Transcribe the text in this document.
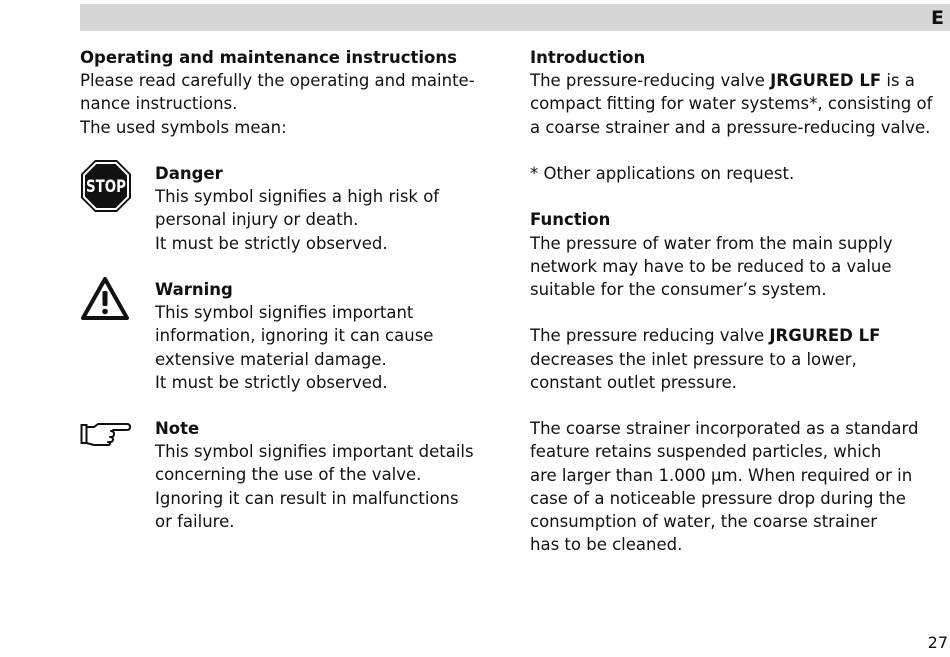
E
Operating and maintenance instructions
Please read carefully the operating and mainte-
nance instructions.
The used symbols mean:
STOP
Danger
This symbol signifies a high risk of
personal injury or death.
It must be strictly observed.
Warning
This symbol signifies important
information, ignoring it can cause
extensive material damage.
It must be strictly observed.
Note
This symbol signifies important details
concerning the use of the valve.
Ignoring it can result in malfunctions
or failure.
Introduction
The pressure-reducing valve JRGURED LF is a
compact fitting for water systems*, consisting of
a coarse strainer and a pressure-reducing valve.
* Other applications on request.
Function
The pressure of water from the main supply
network may have to be reduced to a value
suitable for the consumer’s system.
The pressure reducing valve JRGURED LF
decreases the inlet pressure to a lower,
constant outlet pressure.
The coarse strainer incorporated as a standard
feature retains suspended particles, which
are larger than 1.000 µm. When required or in
case of a noticeable pressure drop during the
consumption of water, the coarse strainer
has to be cleaned.
27
